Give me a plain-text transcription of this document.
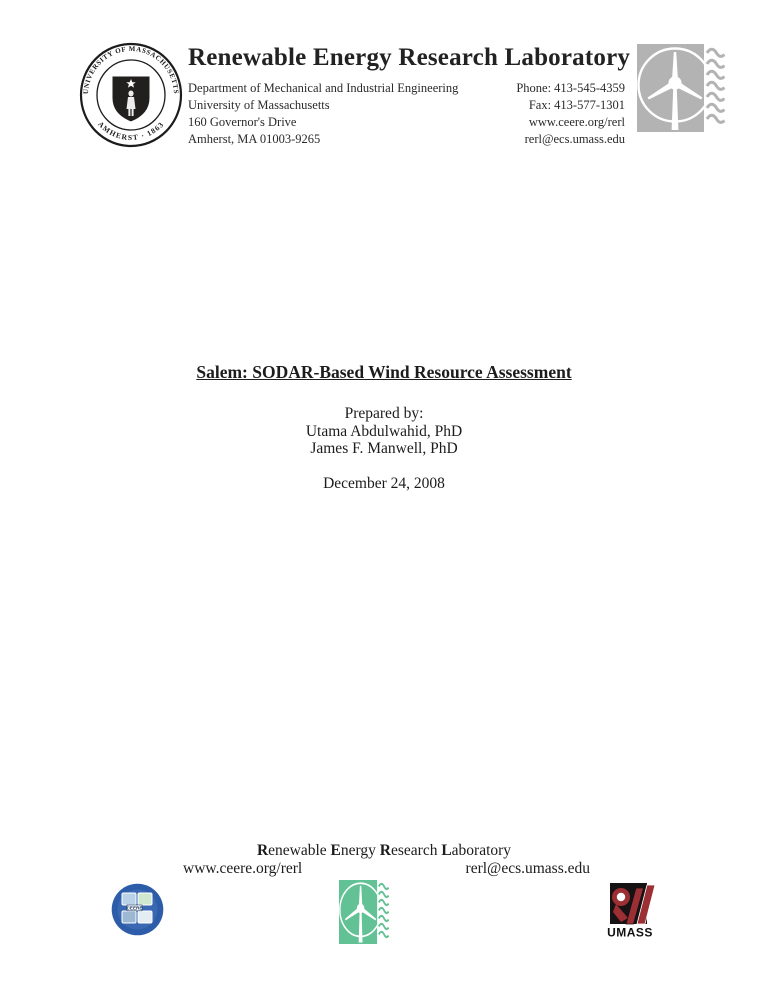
UNIVERSITY OF MASSACHUSETTS
AMHERST · 1863
Renewable Energy Research Laboratory
Department of Mechanical and Industrial Engineering
University of Massachusetts
160 Governor's Drive
Amherst, MA 01003-9265
Phone: 413-545-4359
Fax: 413-577-1301
www.ceere.org/rerl
rerl@ecs.umass.edu
Salem: SODAR-Based Wind Resource Assessment
Prepared by:
Utama Abdulwahid, PhD
James F. Manwell, PhD
December 24, 2008
Renewable Energy Research Laboratory
www.ceere.org/rerl	rerl@ecs.umass.edu
CEERE
UMASS
